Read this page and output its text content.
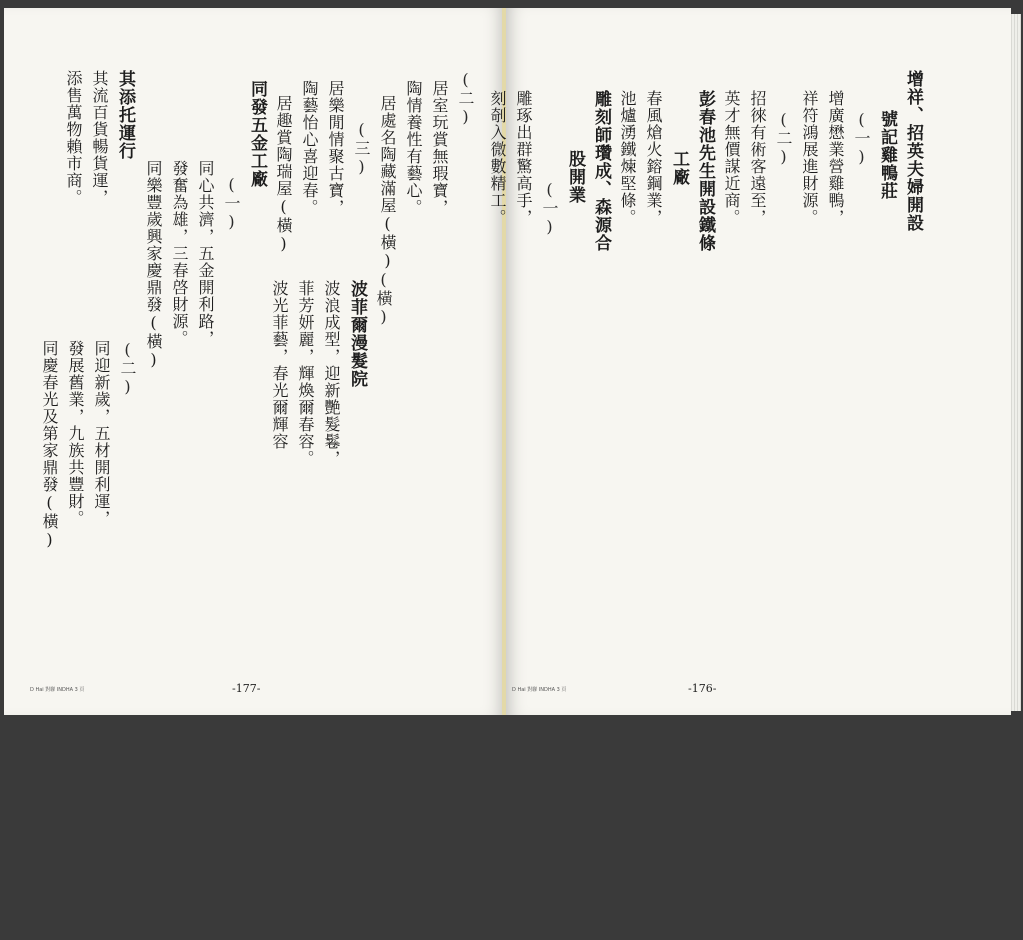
(二)
居室玩賞無瑕寶，
陶情養性有藝心。
居處名陶藏滿屋(橫)
(三)
居樂閒情聚古寶，
陶藝怡心喜迎春。
居趣賞陶瑞屋(橫)
同發五金工廠
(一)
同心共濟，五金開利路，
發奮為雄，三春啓財源。
同樂豐歲興家慶鼎發(橫)
(二)
同迎新歲，五材開利運，
發展舊業，九族共豐財。
同慶春光及第家鼎發(橫)
(橫)
波菲爾漫髮院
波浪成型，迎新艷髮鬈，
菲芳妍麗，輝煥爾春容。
波光菲藝，春光爾輝容
其添托運行
其流百貨暢貨運，
添售萬物賴市商。	增祥、招英夫婦開設
號記雞鴨莊
(一)
增廣懋業營雞鴨，
祥符鴻展進財源。
(二)
招徠有術客遠至，
英才無價謀近商。
彭春池先生開設鐵條
工廠
春風熗火鎔鋼業，
池爐湧鐵煉堅條。
雕刻師瓚成、森源合
股開業
(一)
雕琢出群驚高手，
刻剞入微數精工。
-177-	-176-
D Hai 對聯 INDHA 3 頁	D Hai 對聯 INDHA 3 頁
